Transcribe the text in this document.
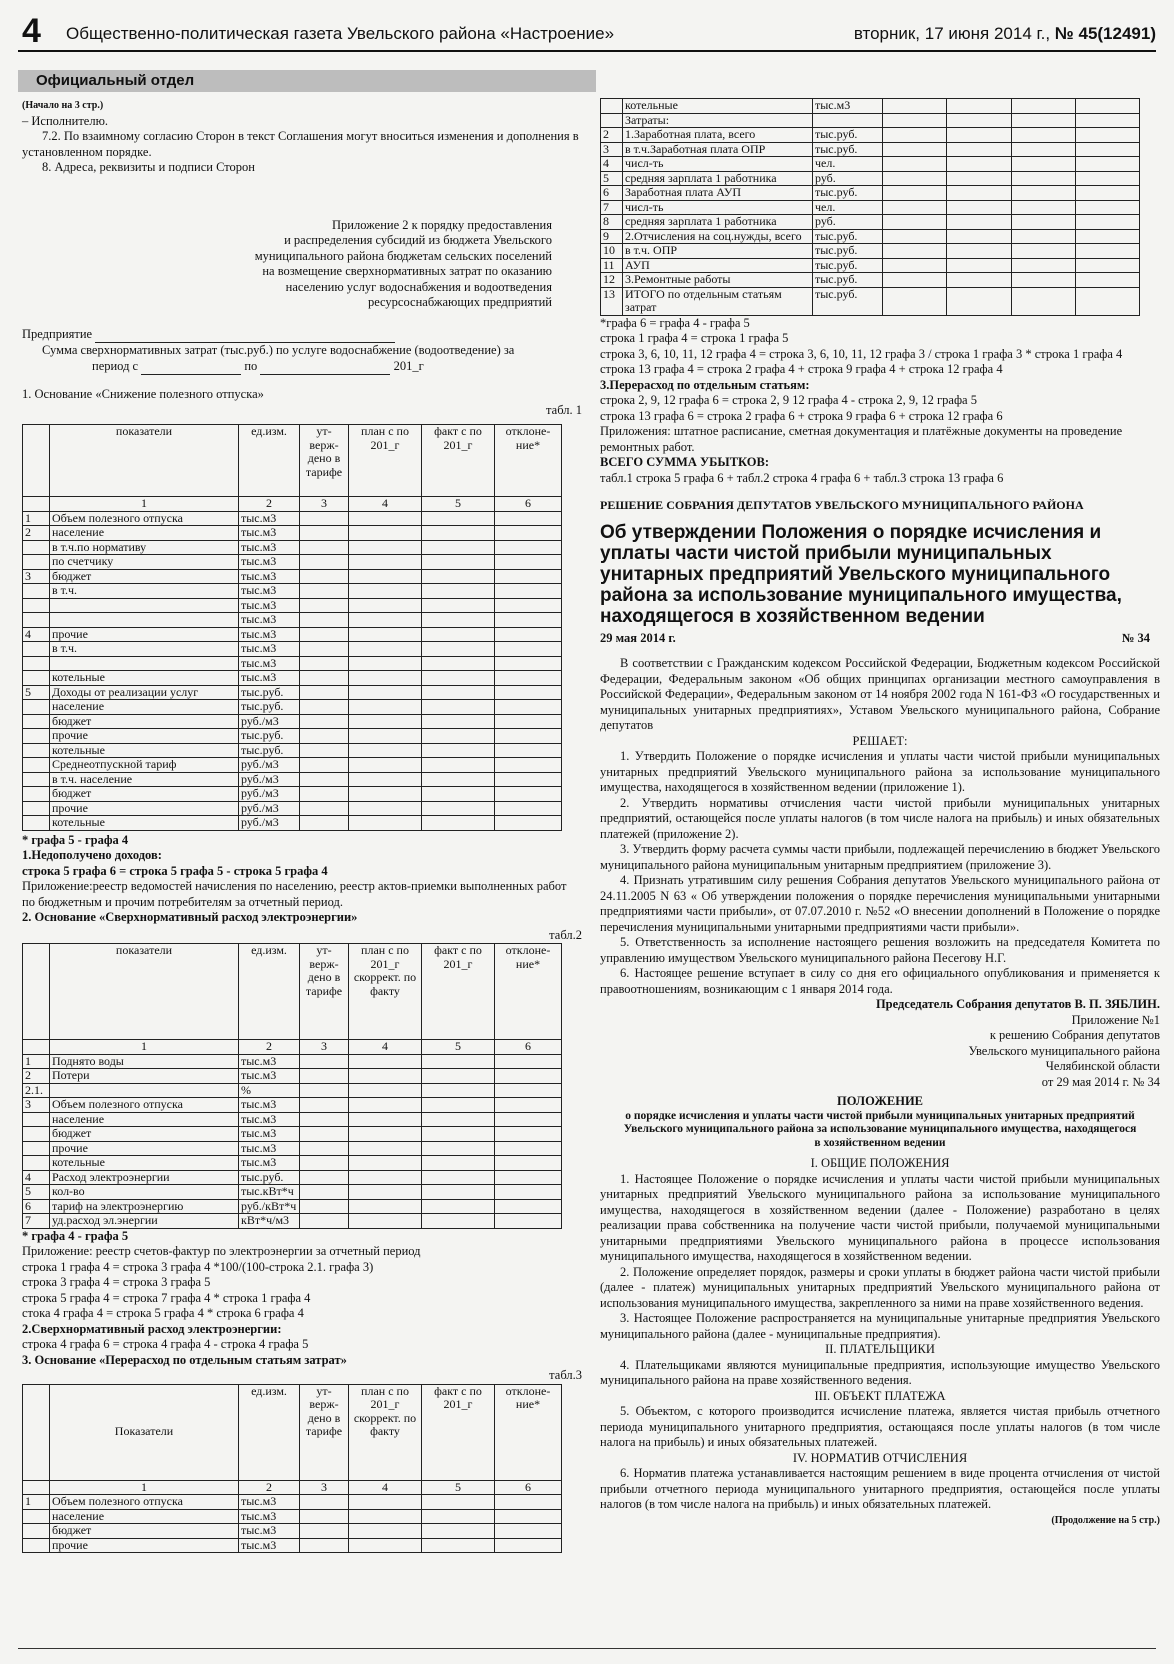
4 Общественно-политическая газета Увельского района «Настроение»	вторник, 17 июня 2014 г., № 45(12491)
Официальный отдел

(Начало на 3 стр.)

– Исполнителю.

7.2. По взаимному согласию Сторон в текст Соглашения могут вноситься изменения и дополнения в установленном порядке.

8. Адреса, реквизиты и подписи Сторон

Приложение 2 к порядку предоставления

и распределения субсидий из бюджета Увельского

муниципального района бюджетам сельских поселений

на возмещение сверхнормативных затрат по оказанию

населению услуг водоснабжения и водоотведения

ресурсоснабжающих предприятий

Предприятие

Сумма сверхнормативных затрат (тыс.руб.) по услуге водоснабжение (водоотведение) за

период с	по	201_г

1. Основание «Снижение полезного отпуска»

табл. 1

	показатели	ед.изм.	ут-верж-дено в тарифе	план с по 201_г	факт с по 201_г	отклоне-ние*
	1	2	3	4	5	6
1	Объем полезного отпуска	тыс.м3				
2	население	тыс.м3				
	в т.ч.по нормативу	тыс.м3				
	по счетчику	тыс.м3				
3	бюджет	тыс.м3				
	в т.ч.	тыс.м3				
		тыс.м3				
		тыс.м3				
4	прочие	тыс.м3				
	в т.ч.	тыс.м3				
		тыс.м3				
	котельные	тыс.м3				
5	Доходы от реализации услуг	тыс.руб.				
	население	тыс.руб.				
	бюджет	руб./м3				
	прочие	тыс.руб.				
	котельные	тыс.руб.				
	Среднеотпускной тариф	руб./м3				
	в т.ч. население	руб./м3				
	бюджет	руб./м3				
	прочие	руб./м3				
	котельные	руб./м3				

* графа 5 - графа 4

1.Недополучено доходов:

строка 5 графа 6 = строка 5 графа 5 - строка 5 графа 4

Приложение:реестр ведомостей начисления по населению, реестр актов-приемки выполненных работ

по бюджетным и прочим потребителям за отчетный период.

2. Основание «Сверхнормативный расход электроэнергии»

табл.2

	показатели	ед.изм.	ут-верж-дено в тарифе	план с по 201_г скоррект. по факту	факт с по 201_г	отклоне-ние*
	1	2	3	4	5	6
1	Поднято воды	тыс.м3				
2	Потери	тыс.м3				
2.1.		%				
3	Объем полезного отпуска	тыс.м3				
	население	тыс.м3				
	бюджет	тыс.м3				
	прочие	тыс.м3				
	котельные	тыс.м3				
4	Расход электроэнергии	тыс.руб.				
5	кол-во	тыс.кВт*ч				
6	тариф на электроэнергию	руб./кВт*ч				
7	уд.расход эл.энергии	кВт*ч/м3				

* графа 4 - графа 5

Приложение: реестр счетов-фактур по электроэнергии за отчетный период

строка 1 графа 4 = строка 3 графа 4 *100/(100-строка 2.1. графа 3)

строка 3 графа 4 = строка 3 графа 5

строка 5 графа 4 = строка 7 графа 4 * строка 1 графа 4

стока 4 графа 4 = строка 5 графа 4 * строка 6 графа 4

2.Сверхнормативный расход электроэнергии:

строка 4 графа 6 = строка 4 графа 4 - строка 4 графа 5

3. Основание «Перерасход по отдельным статьям затрат»

табл.3

	Показатели	ед.изм.	ут-верж-дено в тарифе	план с по 201_г скоррект. по факту	факт с по 201_г	отклоне-ние*
	1	2	3	4	5	6
1	Объем полезного отпуска	тыс.м3				
	население	тыс.м3				
	бюджет	тыс.м3				
	прочие	тыс.м3				
	котельные	тыс.м3				
	Затраты:					
2	1.Заработная плата, всего	тыс.руб.				
3	в т.ч.Заработная плата ОПР	тыс.руб.				
4	числ-ть	чел.				
5	средняя зарплата 1 работника	руб.				
6	Заработная плата АУП	тыс.руб.				
7	числ-ть	чел.				
8	средняя зарплата 1 работника	руб.				
9	2.Отчисления на соц.нужды, всего	тыс.руб.				
10	в т.ч. ОПР	тыс.руб.				
11	АУП	тыс.руб.				
12	3.Ремонтные работы	тыс.руб.				
13	ИТОГО по отдельным статьям затрат	тыс.руб.				

*графа 6 = графа 4 - графа 5

строка 1 графа 4 = строка 1 графа 5

строка 3, 6, 10, 11, 12 графа 4 = строка 3, 6, 10, 11, 12 графа 3 / строка 1 графа 3 * строка 1 графа 4

строка 13 графа 4 = строка 2 графа 4 + строка 9 графа 4 + строка 12 графа 4

3.Перерасход по отдельным статьям:

строка 2, 9, 12 графа 6 = строка 2, 9 12 графа 4 - строка 2, 9, 12 графа 5

строка 13 графа 6 = строка 2 графа 6 + строка 9 графа 6 + строка 12 графа 6

Приложения: штатное расписание, сметная документация и платёжные документы на проведение ремонтных работ.

ВСЕГО СУММА УБЫТКОВ:

табл.1 строка 5 графа 6 + табл.2 строка 4 графа 6 + табл.3 строка 13 графа 6

РЕШЕНИЕ СОБРАНИЯ ДЕПУТАТОВ УВЕЛЬСКОГО МУНИЦИПАЛЬНОГО РАЙОНА

Об утверждении Положения о порядке исчисления и уплаты части чистой прибыли муниципальных унитарных предприятий Увельского муниципального района за использование муниципального имущества, находящегося в хозяйственном ведении

29 мая 2014 г.	№ 34

В соответствии с Гражданским кодексом Российской Федерации, Бюджетным кодексом Российской Федерации, Федеральным законом «Об общих принципах организации местного самоуправления в Российской Федерации», Федеральным законом от 14 ноября 2002 года N 161-ФЗ «О государственных и муниципальных унитарных предприятиях», Уставом Увельского муниципального района, Собрание депутатов

РЕШАЕТ:

1. Утвердить Положение о порядке исчисления и уплаты части чистой прибыли муниципальных унитарных предприятий Увельского муниципального района за использование муниципального имущества, находящегося в хозяйственном ведении (приложение 1).

2. Утвердить нормативы отчисления части чистой прибыли муниципальных унитарных предприятий, остающейся после уплаты налогов (в том числе налога на прибыль) и иных обязательных платежей (приложение 2).

3. Утвердить форму расчета суммы части прибыли, подлежащей перечислению в бюджет Увельского муниципального района муниципальным унитарным предприятием (приложение 3).

4. Признать утратившим силу решения Собрания депутатов Увельского муниципального района от 24.11.2005 N 63 « Об утверждении положения о порядке перечисления муниципальными унитарными предприятиями части прибыли», от 07.07.2010 г. №52 «О внесении дополнений в Положение о порядке перечисления муниципальными унитарными предприятиями части прибыли».

5. Ответственность за исполнение настоящего решения возложить на председателя Комитета по управлению имуществом Увельского муниципального района Песегову Н.Г.

6. Настоящее решение вступает в силу со дня его официального опубликования и применяется к правоотношениям, возникающим с 1 января 2014 года.

Председатель Собрания депутатов В. П. ЗЯБЛИН.

Приложение №1

к решению Собрания депутатов

Увельского муниципального района

Челябинской области

от 29 мая 2014 г. № 34

ПОЛОЖЕНИЕ

о порядке исчисления и уплаты части чистой прибыли муниципальных унитарных предприятий Увельского муниципального района за использование муниципального имущества, находящегося в хозяйственном ведении

I. ОБЩИЕ ПОЛОЖЕНИЯ

1. Настоящее Положение о порядке исчисления и уплаты части чистой прибыли муниципальных унитарных предприятий Увельского муниципального района за использование муниципального имущества, находящегося в хозяйственном ведении (далее - Положение) разработано в целях реализации права собственника на получение части чистой прибыли, получаемой муниципальными унитарными предприятиями Увельского муниципального района в процессе использования муниципального имущества, находящегося в хозяйственном ведении.

2. Положение определяет порядок, размеры и сроки уплаты в бюджет района части чистой прибыли (далее - платеж) муниципальных унитарных предприятий Увельского муниципального района от использования муниципального имущества, закрепленного за ними на праве хозяйственного ведения.

3. Настоящее Положение распространяется на муниципальные унитарные предприятия Увельского муниципального района (далее - муниципальные предприятия).

II. ПЛАТЕЛЬЩИКИ

4. Плательщиками являются муниципальные предприятия, использующие имущество Увельского муниципального района на праве хозяйственного ведения.

III. ОБЪЕКТ ПЛАТЕЖА

5. Объектом, с которого производится исчисление платежа, является чистая прибыль отчетного периода муниципального унитарного предприятия, остающаяся после уплаты налогов (в том числе налога на прибыль) и иных обязательных платежей.

IV. НОРМАТИВ ОТЧИСЛЕНИЯ

6. Норматив платежа устанавливается настоящим решением в виде процента отчисления от чистой прибыли отчетного периода муниципального унитарного предприятия, остающейся после уплаты налогов (в том числе налога на прибыль) и иных обязательных платежей.

(Продолжение на 5 стр.)
